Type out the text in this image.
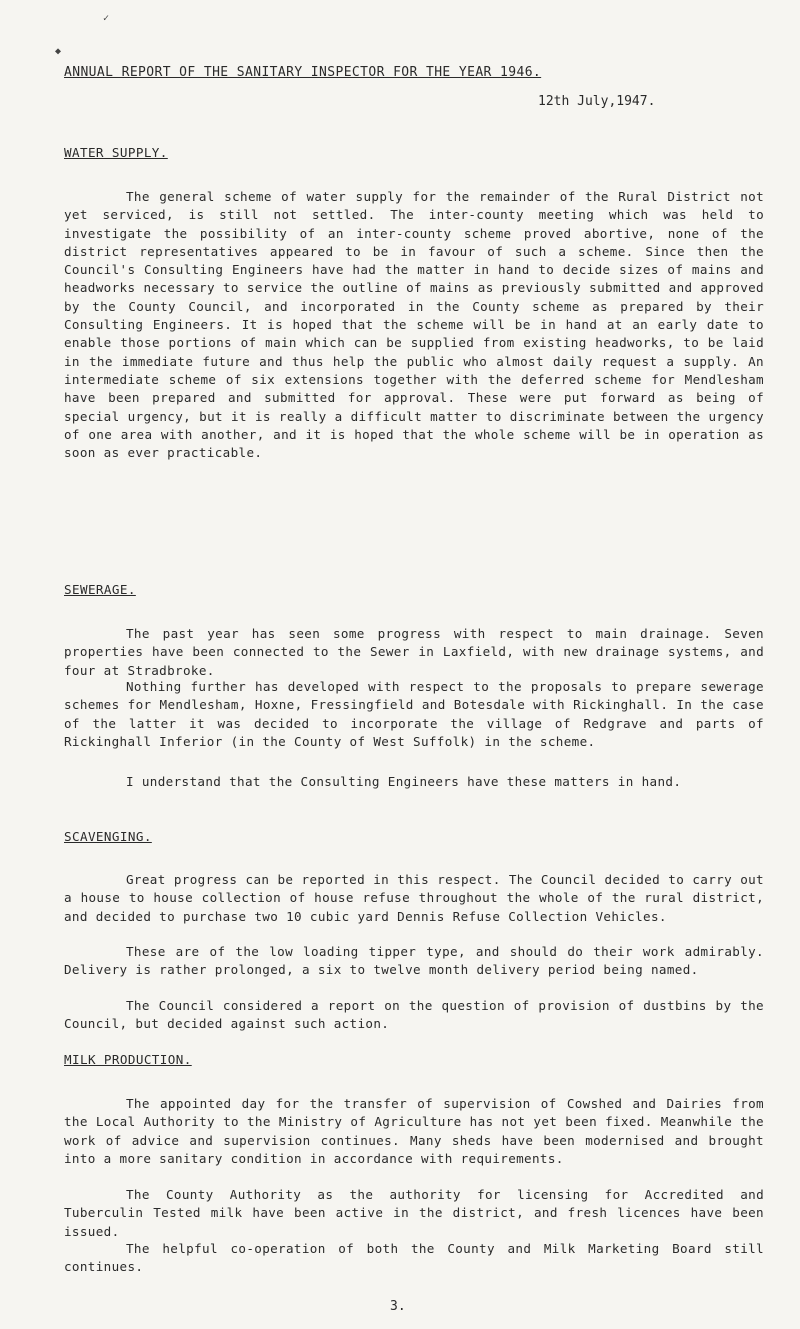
✓
◆
ANNUAL REPORT OF THE SANITARY INSPECTOR FOR THE YEAR 1946.
12th July,1947.
WATER SUPPLY.

The general scheme of water supply for the remainder of the Rural District not yet serviced, is still not settled. The inter-county meeting which was held to investigate the possibility of an inter-county scheme proved abortive, none of the district representatives appeared to be in favour of such a scheme. Since then the Council's Consulting Engineers have had the matter in hand to decide sizes of mains and headworks necessary to service the outline of mains as previously submitted and approved by the County Council, and incorporated in the County scheme as prepared by their Consulting Engineers. It is hoped that the scheme will be in hand at an early date to enable those portions of main which can be supplied from existing headworks, to be laid in the immediate future and thus help the public who almost daily request a supply. An intermediate scheme of six extensions together with the deferred scheme for Mendlesham have been prepared and submitted for approval. These were put forward as being of special urgency, but it is really a difficult matter to discriminate between the urgency of one area with another, and it is hoped that the whole scheme will be in operation as soon as ever practicable.

SEWERAGE.

The past year has seen some progress with respect to main drainage. Seven properties have been connected to the Sewer in Laxfield, with new drainage systems, and four at Stradbroke.

Nothing further has developed with respect to the proposals to prepare sewerage schemes for Mendlesham, Hoxne, Fressingfield and Botesdale with Rickinghall. In the case of the latter it was decided to incorporate the village of Redgrave and parts of Rickinghall Inferior (in the County of West Suffolk) in the scheme.

I understand that the Consulting Engineers have these matters in hand.

SCAVENGING.

Great progress can be reported in this respect. The Council decided to carry out a house to house collection of house refuse throughout the whole of the rural district, and decided to purchase two 10 cubic yard Dennis Refuse Collection Vehicles.

These are of the low loading tipper type, and should do their work admirably. Delivery is rather prolonged, a six to twelve month delivery period being named.

The Council considered a report on the question of provision of dustbins by the Council, but decided against such action.

MILK PRODUCTION.

The appointed day for the transfer of supervision of Cowshed and Dairies from the Local Authority to the Ministry of Agriculture has not yet been fixed. Meanwhile the work of advice and supervision continues. Many sheds have been modernised and brought into a more sanitary condition in accordance with requirements.

The County Authority as the authority for licensing for Accredited and Tuberculin Tested milk have been active in the district, and fresh licences have been issued.

The helpful co-operation of both the County and Milk Marketing Board still continues.

3.
